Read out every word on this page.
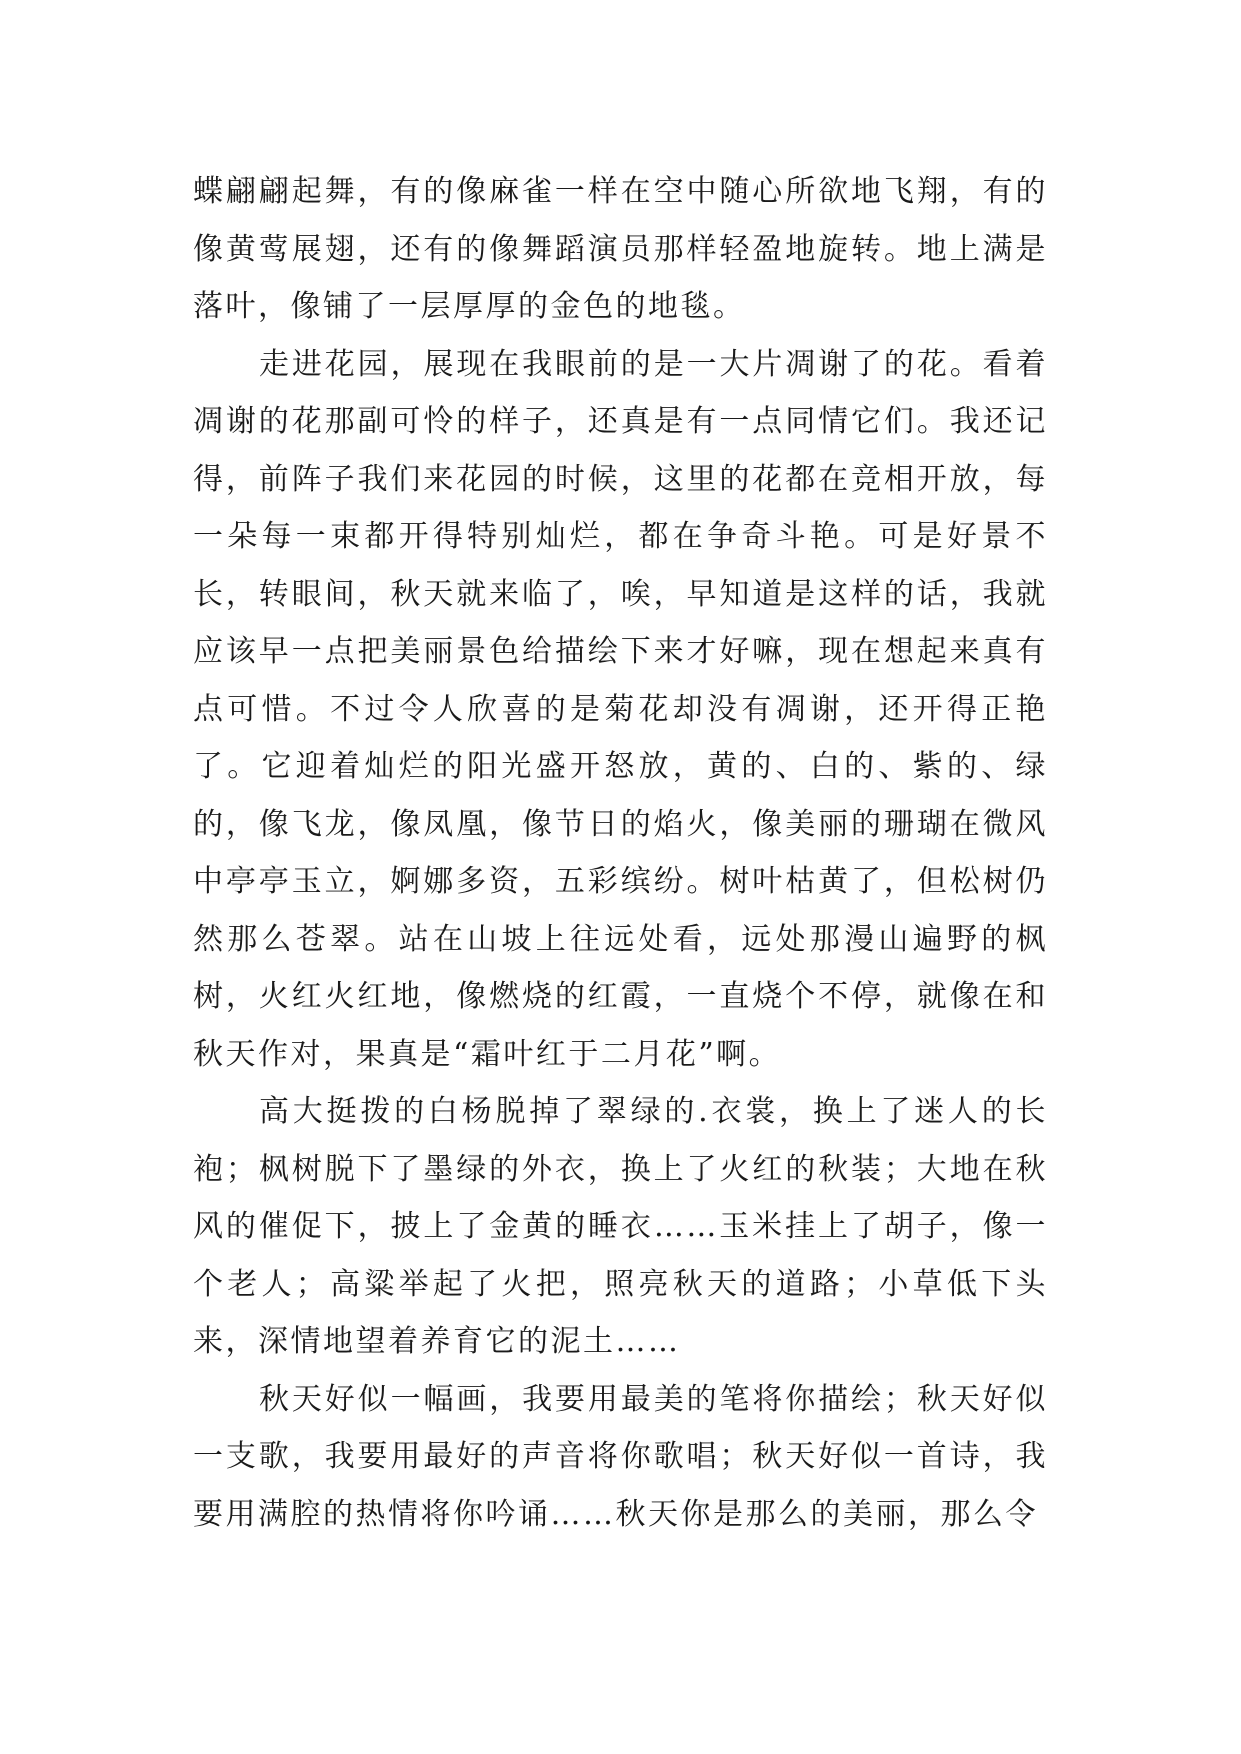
蝶翩翩起舞，有的像麻雀一样在空中随心所欲地飞翔，有的像黄莺展翅，还有的像舞蹈演员那样轻盈地旋转。地上满是落叶，像铺了一层厚厚的金色的地毯。

走进花园，展现在我眼前的是一大片凋谢了的花。看着凋谢的花那副可怜的样子，还真是有一点同情它们。我还记得，前阵子我们来花园的时候，这里的花都在竞相开放，每一朵每一束都开得特别灿烂，都在争奇斗艳。可是好景不长，转眼间，秋天就来临了，唉，早知道是这样的话，我就应该早一点把美丽景色给描绘下来才好嘛，现在想起来真有点可惜。不过令人欣喜的是菊花却没有凋谢，还开得正艳了。它迎着灿烂的阳光盛开怒放，黄的、白的、紫的、绿的，像飞龙，像凤凰，像节日的焰火，像美丽的珊瑚在微风中亭亭玉立，婀娜多资，五彩缤纷。树叶枯黄了，但松树仍然那么苍翠。站在山坡上往远处看，远处那漫山遍野的枫树，火红火红地，像燃烧的红霞，一直烧个不停，就像在和秋天作对，果真是“霜叶红于二月花”啊。

高大挺拨的白杨脱掉了翠绿的.衣裳，换上了迷人的长袍；枫树脱下了墨绿的外衣，换上了火红的秋装；大地在秋风的催促下，披上了金黄的睡衣……玉米挂上了胡子，像一个老人；高粱举起了火把，照亮秋天的道路；小草低下头来，深情地望着养育它的泥土……

秋天好似一幅画，我要用最美的笔将你描绘；秋天好似一支歌，我要用最好的声音将你歌唱；秋天好似一首诗，我要用满腔的热情将你吟诵……秋天你是那么的美丽，那么令
